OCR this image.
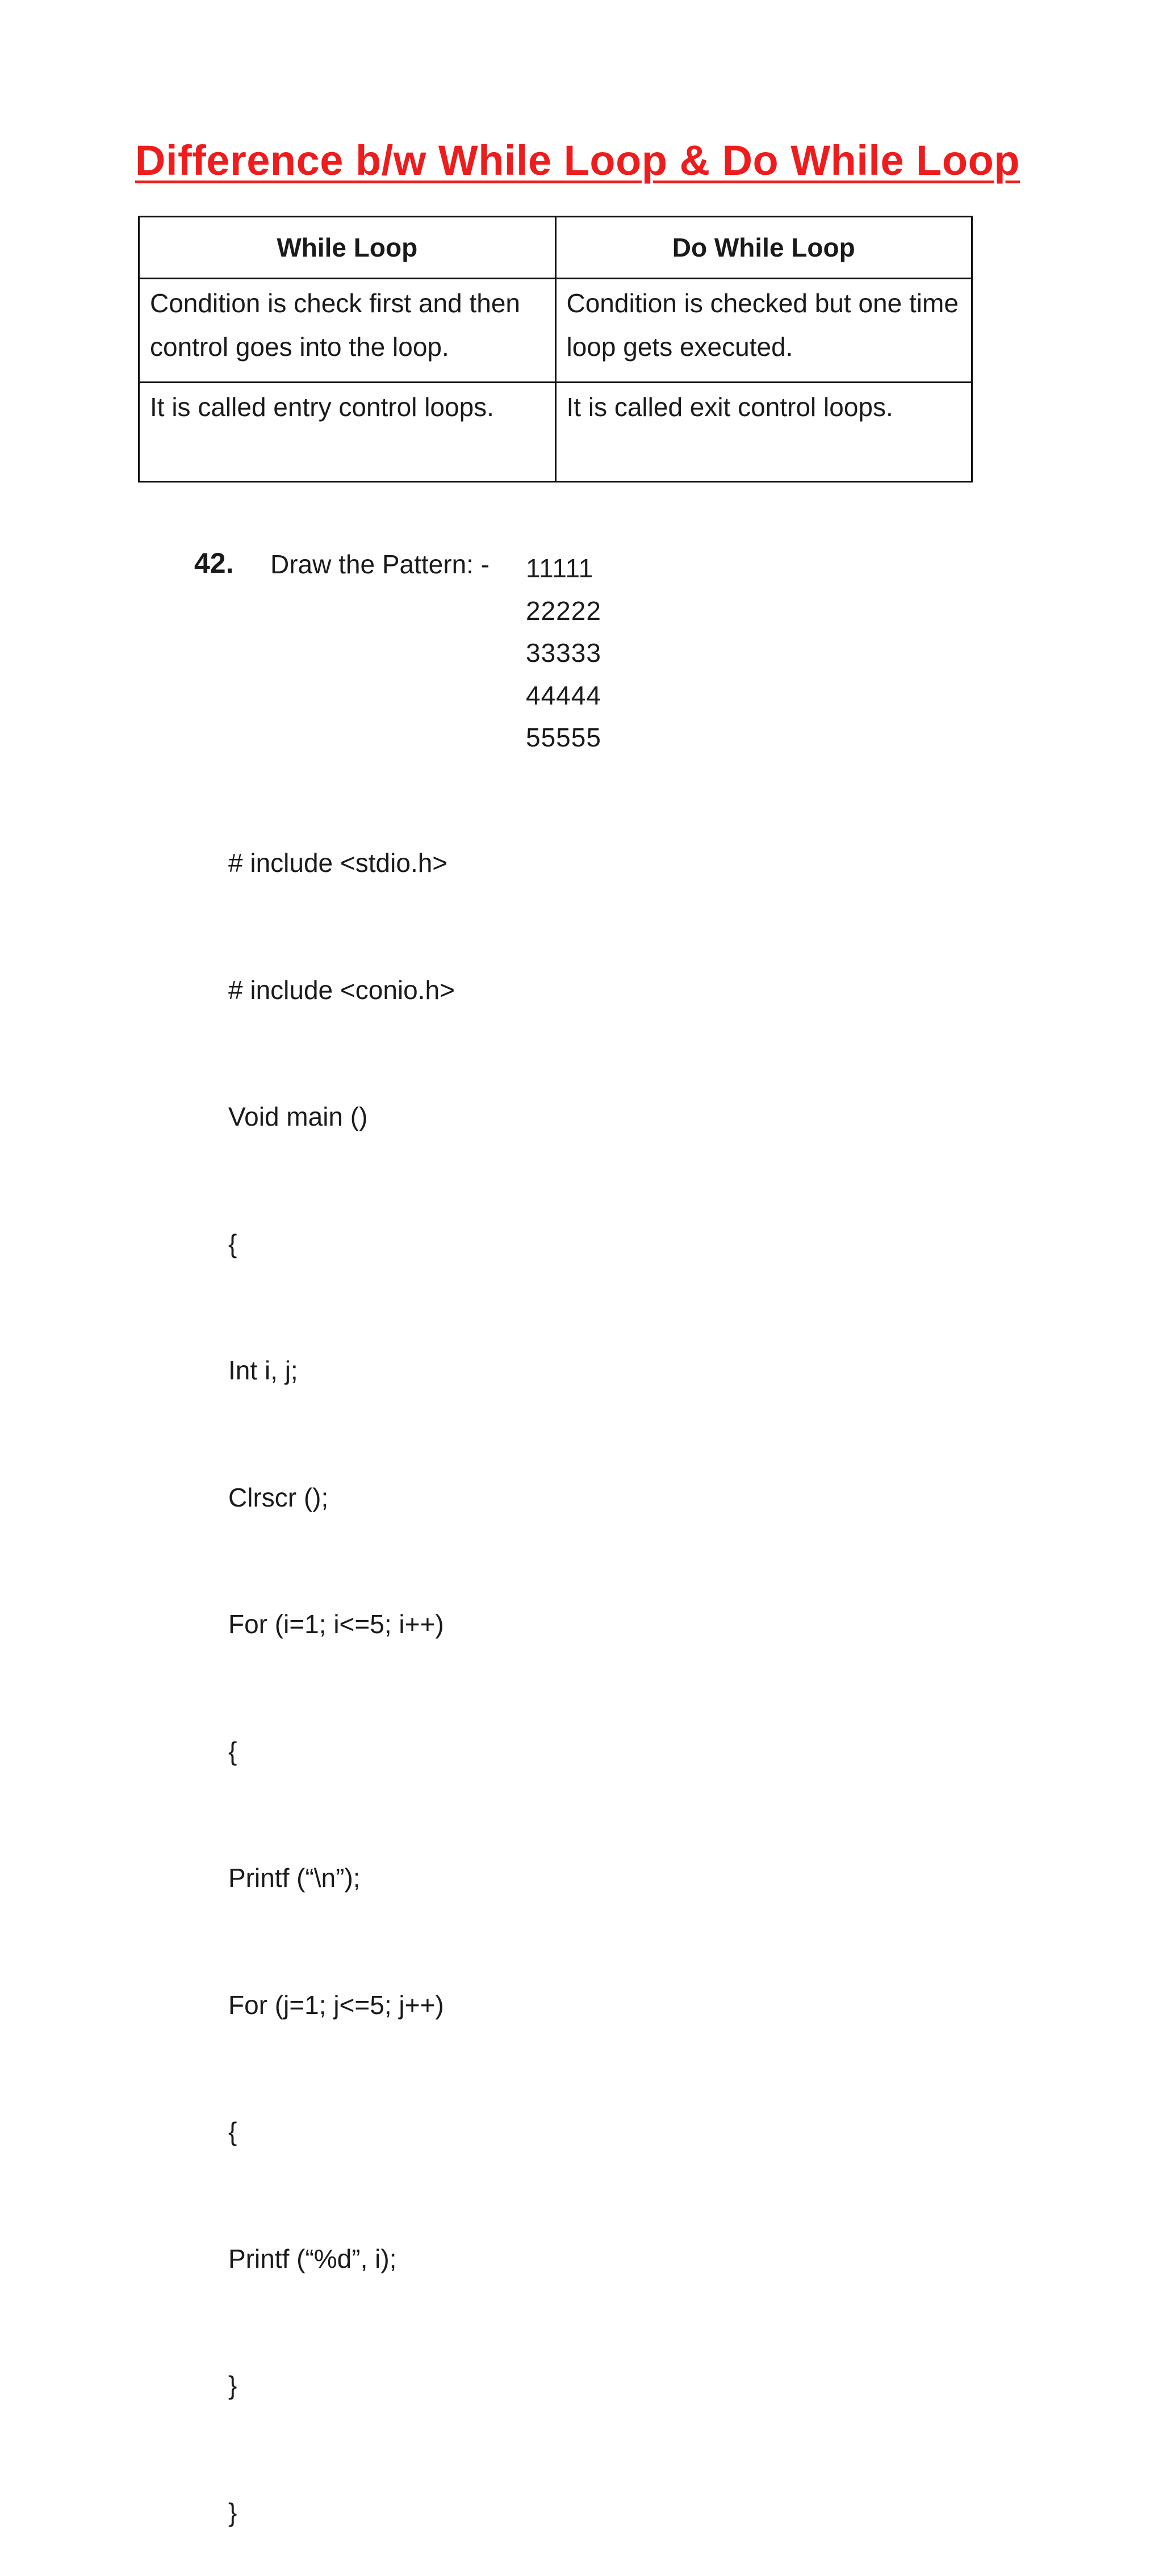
Difference b/w While Loop & Do While Loop
While Loop	Do While Loop
Condition is check first and then control goes into the loop.	Condition is checked but one time loop gets executed.
It is called entry control loops.	It is called exit control loops.
42. Draw the Pattern: - 11111
22222
33333
44444
55555

# include <stdio.h>

# include <conio.h>

Void main ()

{

Int i, j;

Clrscr ();

For (i=1; i<=5; i++)

{

Printf (“\n”);

For (j=1; j<=5; j++)

{

Printf (“%d”, i);

}

}
